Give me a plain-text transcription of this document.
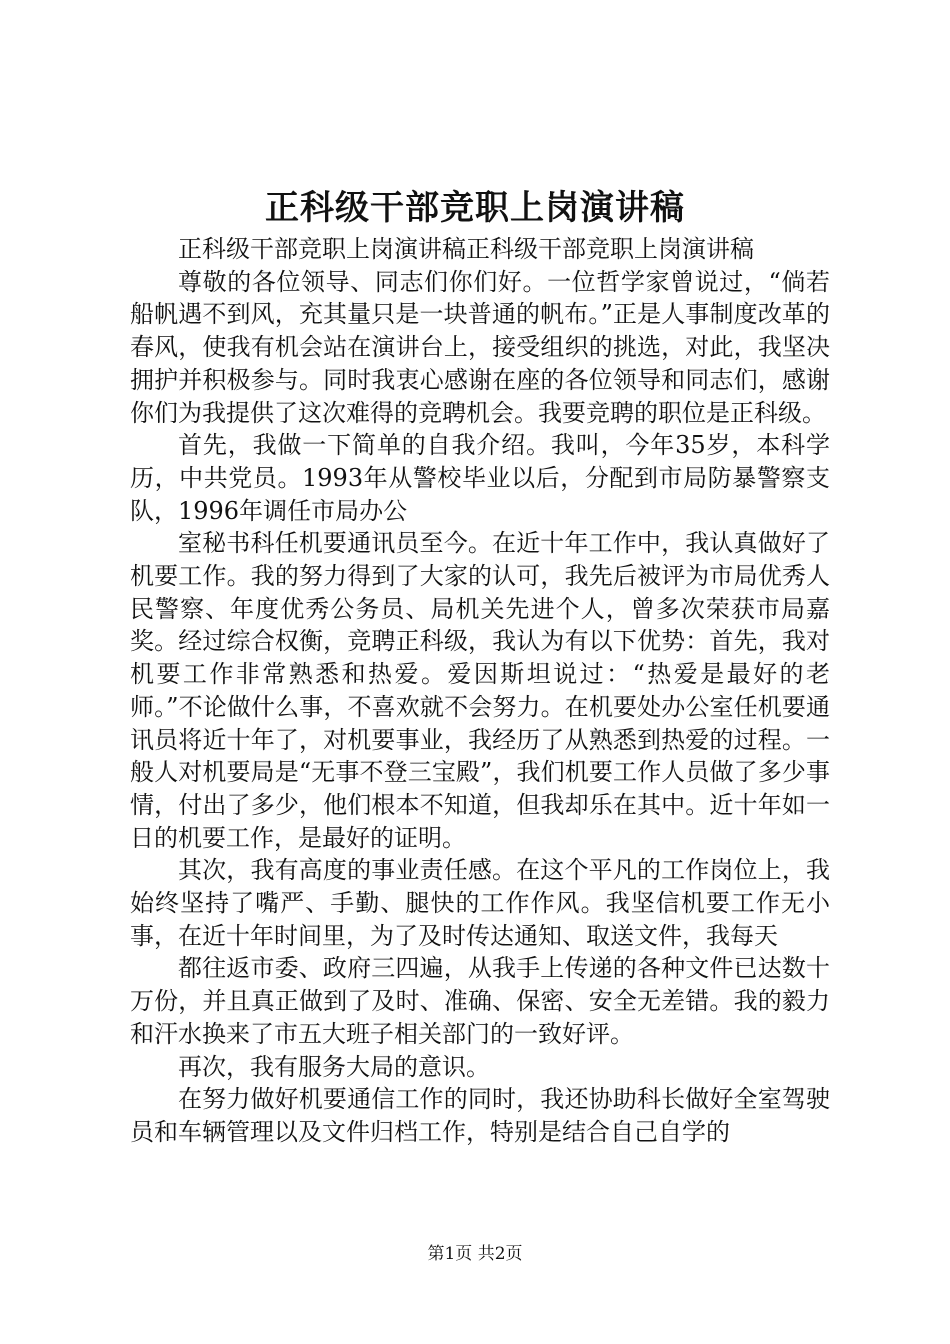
正科级干部竞职上岗演讲稿

正科级干部竞职上岗演讲稿正科级干部竞职上岗演讲稿

尊敬的各位领导、同志们你们好。一位哲学家曾说过，“倘若船帆遇不到风，充其量只是一块普通的帆布。”正是人事制度改革的春风，使我有机会站在演讲台上，接受组织的挑选，对此，我坚决拥护并积极参与。同时我衷心感谢在座的各位领导和同志们，感谢你们为我提供了这次难得的竞聘机会。我要竞聘的职位是正科级。

首先，我做一下简单的自我介绍。我叫，今年35岁，本科学历，中共党员。1993年从警校毕业以后，分配到市局防暴警察支队，1996年调任市局办公

室秘书科任机要通讯员至今。在近十年工作中，我认真做好了机要工作。我的努力得到了大家的认可，我先后被评为市局优秀人民警察、年度优秀公务员、局机关先进个人，曾多次荣获市局嘉奖。经过综合权衡，竞聘正科级，我认为有以下优势：首先，我对机要工作非常熟悉和热爱。爱因斯坦说过：“热爱是最好的老师。”不论做什么事，不喜欢就不会努力。在机要处办公室任机要通讯员将近十年了，对机要事业，我经历了从熟悉到热爱的过程。一般人对机要局是“无事不登三宝殿”，我们机要工作人员做了多少事情，付出了多少，他们根本不知道，但我却乐在其中。近十年如一日的机要工作，是最好的证明。

其次，我有高度的事业责任感。在这个平凡的工作岗位上，我始终坚持了嘴严、手勤、腿快的工作作风。我坚信机要工作无小事，在近十年时间里，为了及时传达通知、取送文件，我每天

都往返市委、政府三四遍，从我手上传递的各种文件已达数十万份，并且真正做到了及时、准确、保密、安全无差错。我的毅力和汗水换来了市五大班子相关部门的一致好评。

再次，我有服务大局的意识。

在努力做好机要通信工作的同时，我还协助科长做好全室驾驶员和车辆管理以及文件归档工作，特别是结合自己自学的

第1页 共2页
